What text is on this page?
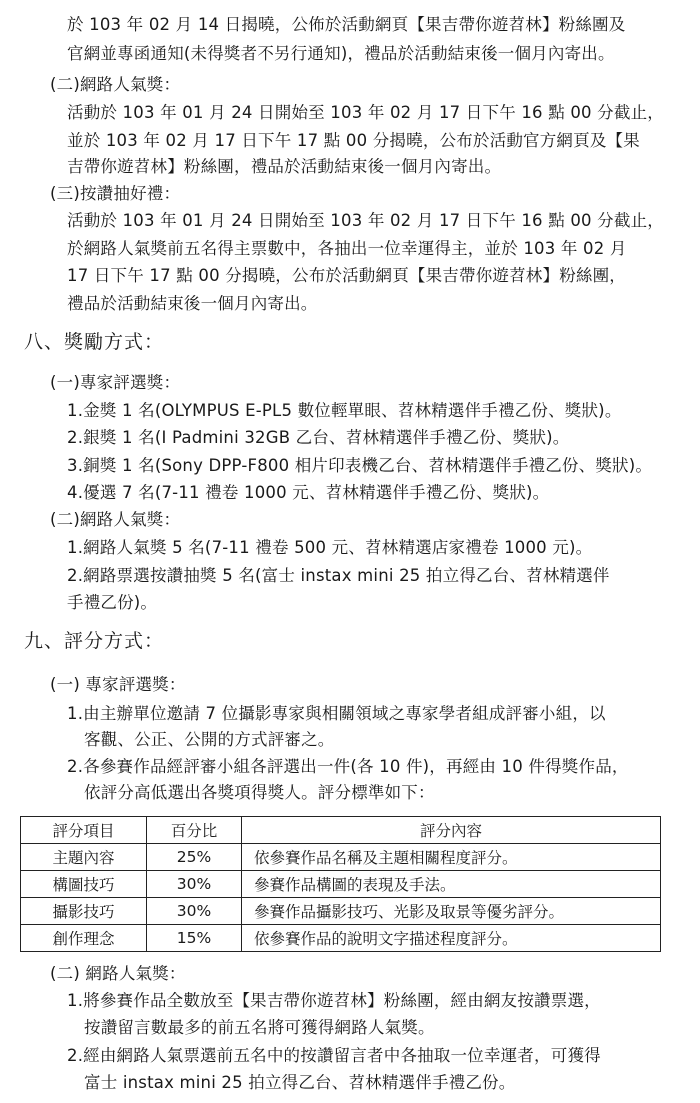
於 103 年 02 月 14 日揭曉，公佈於活動網頁【果吉帶你遊苕林】粉絲團及
官網並專函通知(未得獎者不另行通知)，禮品於活動結束後一個月內寄出。
(二)網路人氣獎：
活動於 103 年 01 月 24 日開始至 103 年 02 月 17 日下午 16 點 00 分截止，
並於 103 年 02 月 17 日下午 17 點 00 分揭曉，公布於活動官方網頁及【果
吉帶你遊苕林】粉絲團，禮品於活動結束後一個月內寄出。
(三)按讚抽好禮：
活動於 103 年 01 月 24 日開始至 103 年 02 月 17 日下午 16 點 00 分截止，
於網路人氣獎前五名得主票數中，各抽出一位幸運得主，並於 103 年 02 月
17 日下午 17 點 00 分揭曉，公布於活動網頁【果吉帶你遊苕林】粉絲團，
禮品於活動結束後一個月內寄出。
八、獎勵方式：
(一)專家評選獎：
1.金獎 1 名(OLYMPUS E-PL5 數位輕單眼、苕林精選伴手禮乙份、獎狀)。
2.銀獎 1 名(I Padmini 32GB 乙台、苕林精選伴手禮乙份、獎狀)。
3.銅獎 1 名(Sony DPP-F800 相片印表機乙台、苕林精選伴手禮乙份、獎狀)。
4.優選 7 名(7-11 禮卷 1000 元、苕林精選伴手禮乙份、獎狀)。
(二)網路人氣獎：
1.網路人氣獎 5 名(7-11 禮卷 500 元、苕林精選店家禮卷 1000 元)。
2.網路票選按讚抽獎 5 名(富士 instax mini 25 拍立得乙台、苕林精選伴
手禮乙份)。
九、評分方式：
(一) 專家評選獎：
1.由主辦單位邀請 7 位攝影專家與相關領域之專家學者組成評審小組，以
客觀、公正、公開的方式評審之。
2.各參賽作品經評審小組各評選出一件(各 10 件)，再經由 10 件得獎作品，
依評分高低選出各獎項得獎人。評分標準如下：
評分項目	百分比	評分內容
主題內容	25%	依參賽作品名稱及主題相關程度評分。
構圖技巧	30%	參賽作品構圖的表現及手法。
攝影技巧	30%	參賽作品攝影技巧、光影及取景等優劣評分。
創作理念	15%	依參賽作品的說明文字描述程度評分。
(二) 網路人氣獎：
1.將參賽作品全數放至【果吉帶你遊苕林】粉絲團，經由網友按讚票選，
按讚留言數最多的前五名將可獲得網路人氣獎。
2.經由網路人氣票選前五名中的按讚留言者中各抽取一位幸運者，可獲得
富士 instax mini 25 拍立得乙台、苕林精選伴手禮乙份。
